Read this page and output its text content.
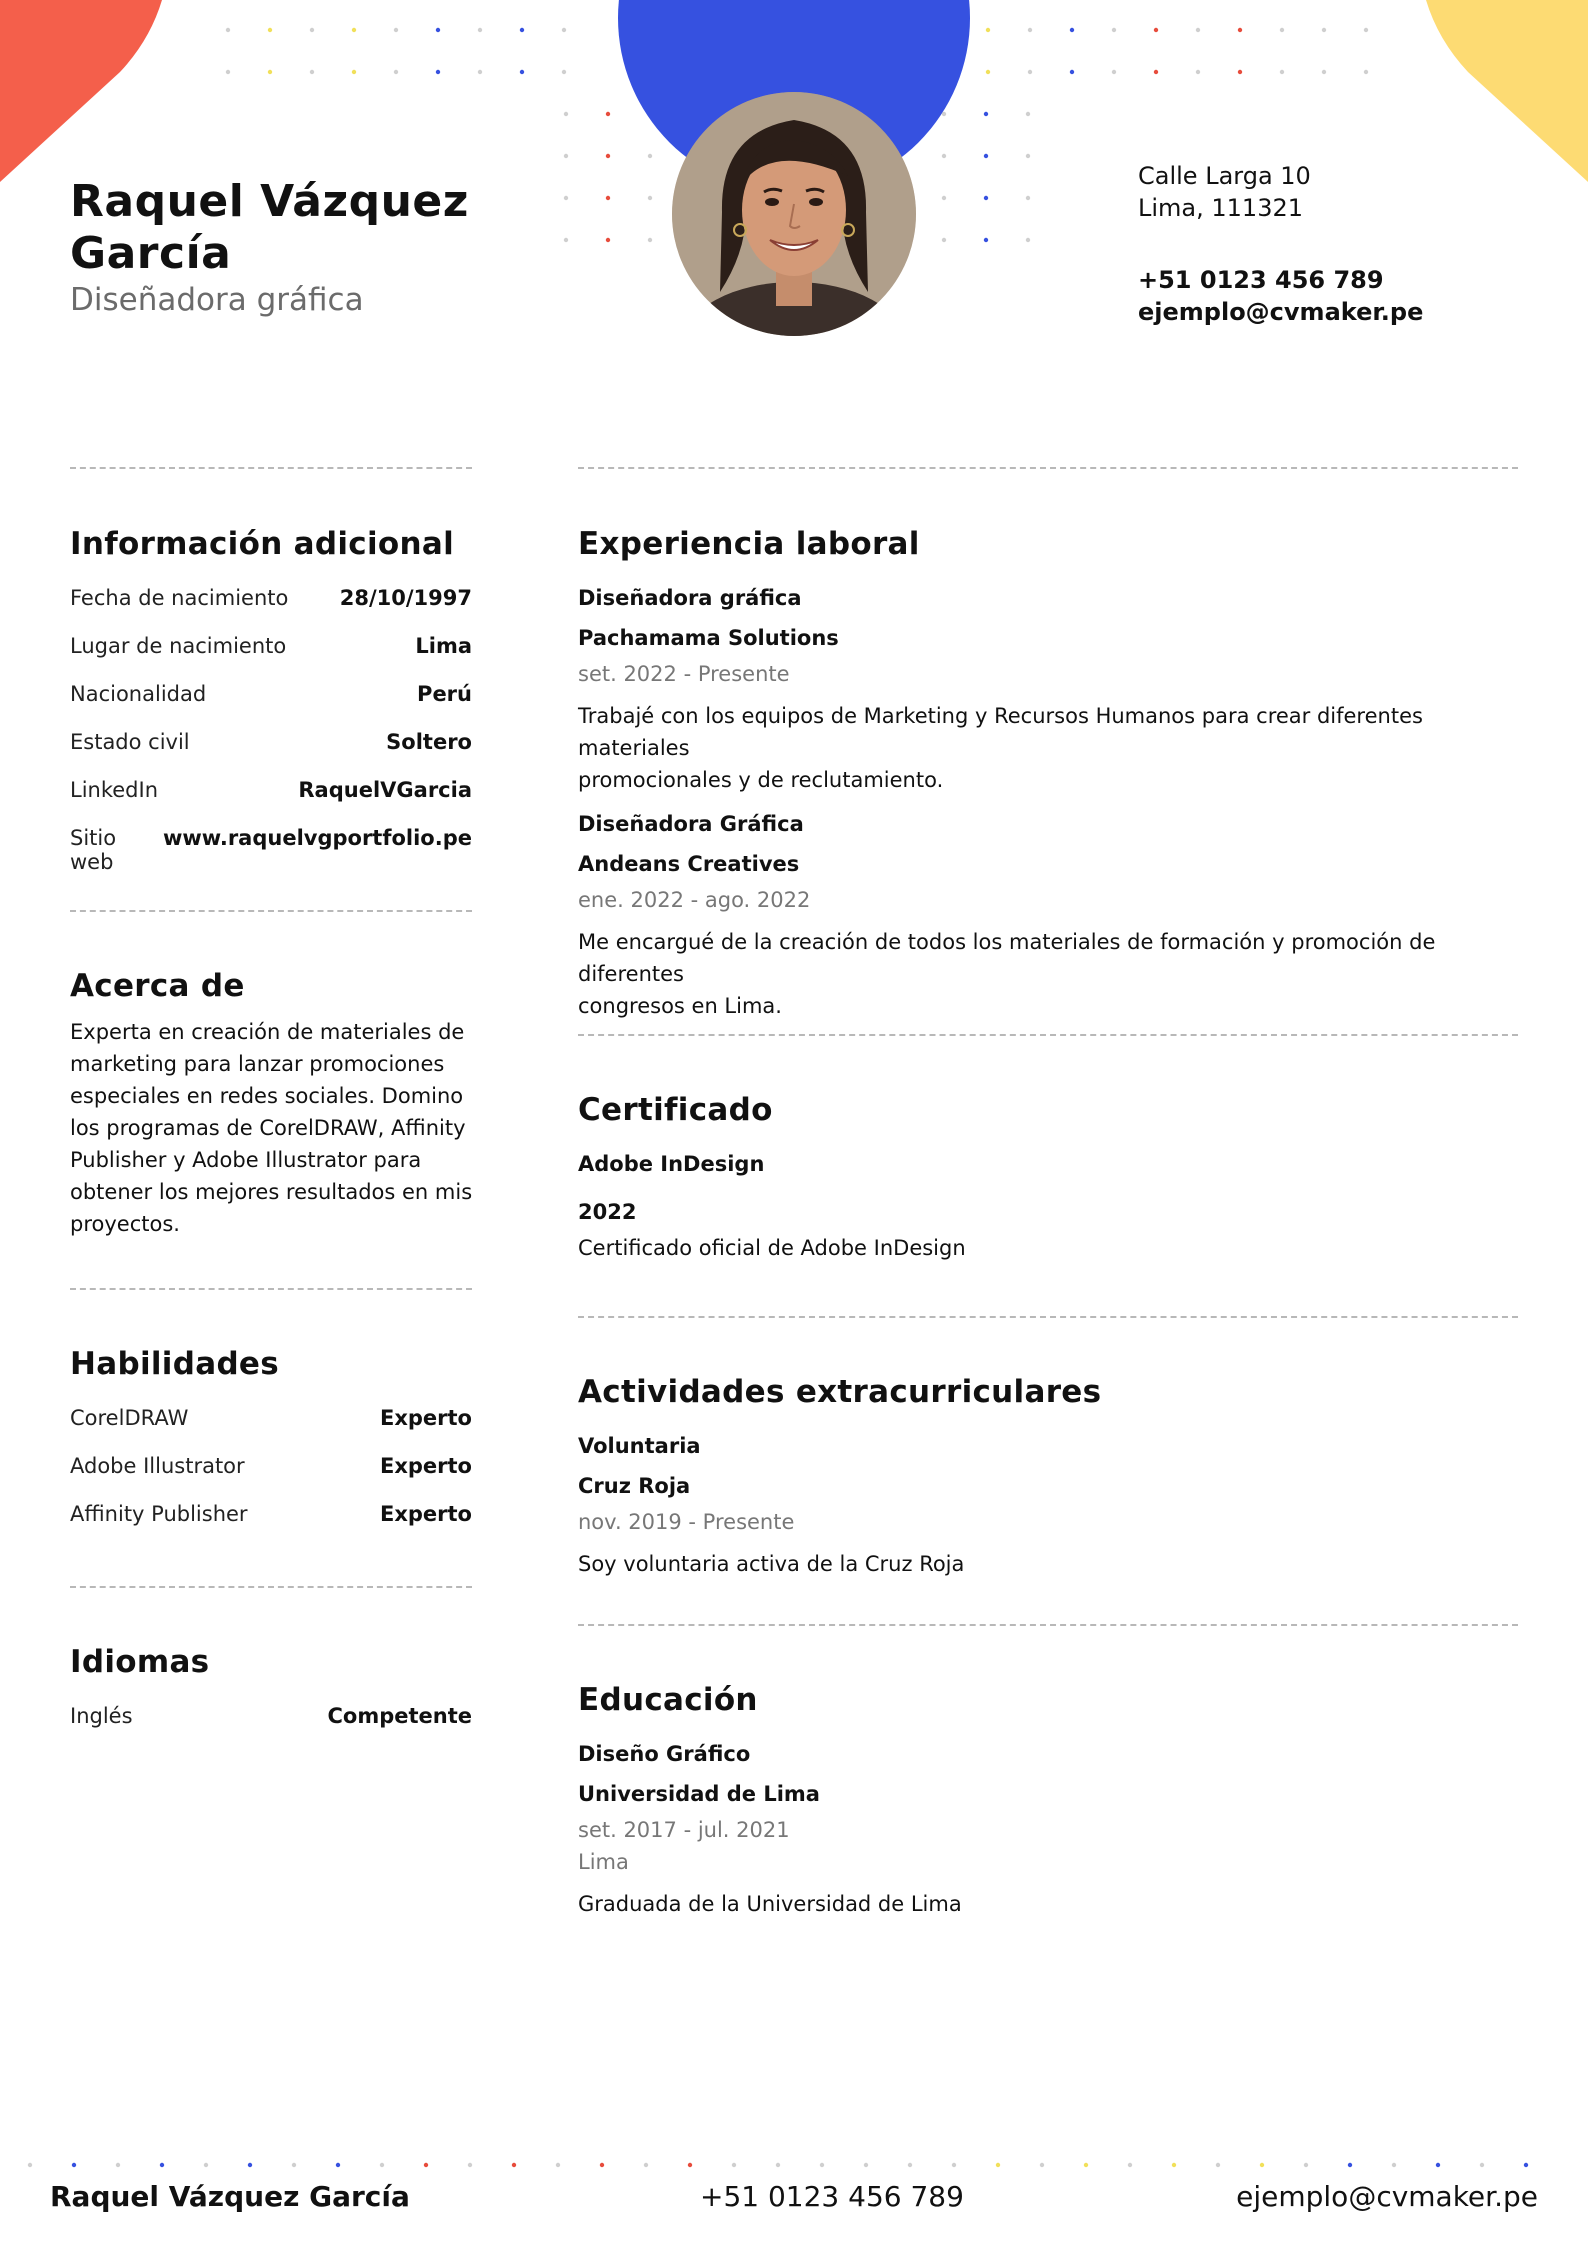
Raquel Vázquez
García
Diseñadora gráfica
Calle Larga 10
Lima, 111321
+51 0123 456 789
ejemplo@cvmaker.pe
Información adicional
Fecha de nacimiento 28/10/1997
Lugar de nacimiento	Lima
Nacionalidad	Perú
Estado civil	Soltero
LinkedIn	RaquelVGarcia
Sitio web
www.raquelvgportfolio.pe
Acerca de
Experta en creación de materiales de marketing para lanzar promociones especiales en redes sociales. Domino los programas de CorelDRAW, Affinity Publisher y Adobe Illustrator para obtener los mejores resultados en mis proyectos.
Habilidades
CorelDRAW	Experto
Adobe Illustrator	Experto
Affinity Publisher	Experto
Idiomas
Inglés	Competente
Experiencia laboral
Diseñadora gráfica
Pachamama Solutions
set. 2022 - Presente
Trabajé con los equipos de Marketing y Recursos Humanos para crear diferentes materiales
promocionales y de reclutamiento.
Diseñadora Gráfica
Andeans Creatives
ene. 2022 - ago. 2022
Me encargué de la creación de todos los materiales de formación y promoción de diferentes
congresos en Lima.
Certificado
Adobe InDesign
2022
Certificado oficial de Adobe InDesign
Actividades extracurriculares
Voluntaria
Cruz Roja
nov. 2019 - Presente
Soy voluntaria activa de la Cruz Roja
Educación
Diseño Gráfico
Universidad de Lima
set. 2017 - jul. 2021
Lima
Graduada de la Universidad de Lima
Raquel Vázquez García	+51 0123 456 789	ejemplo@cvmaker.pe
